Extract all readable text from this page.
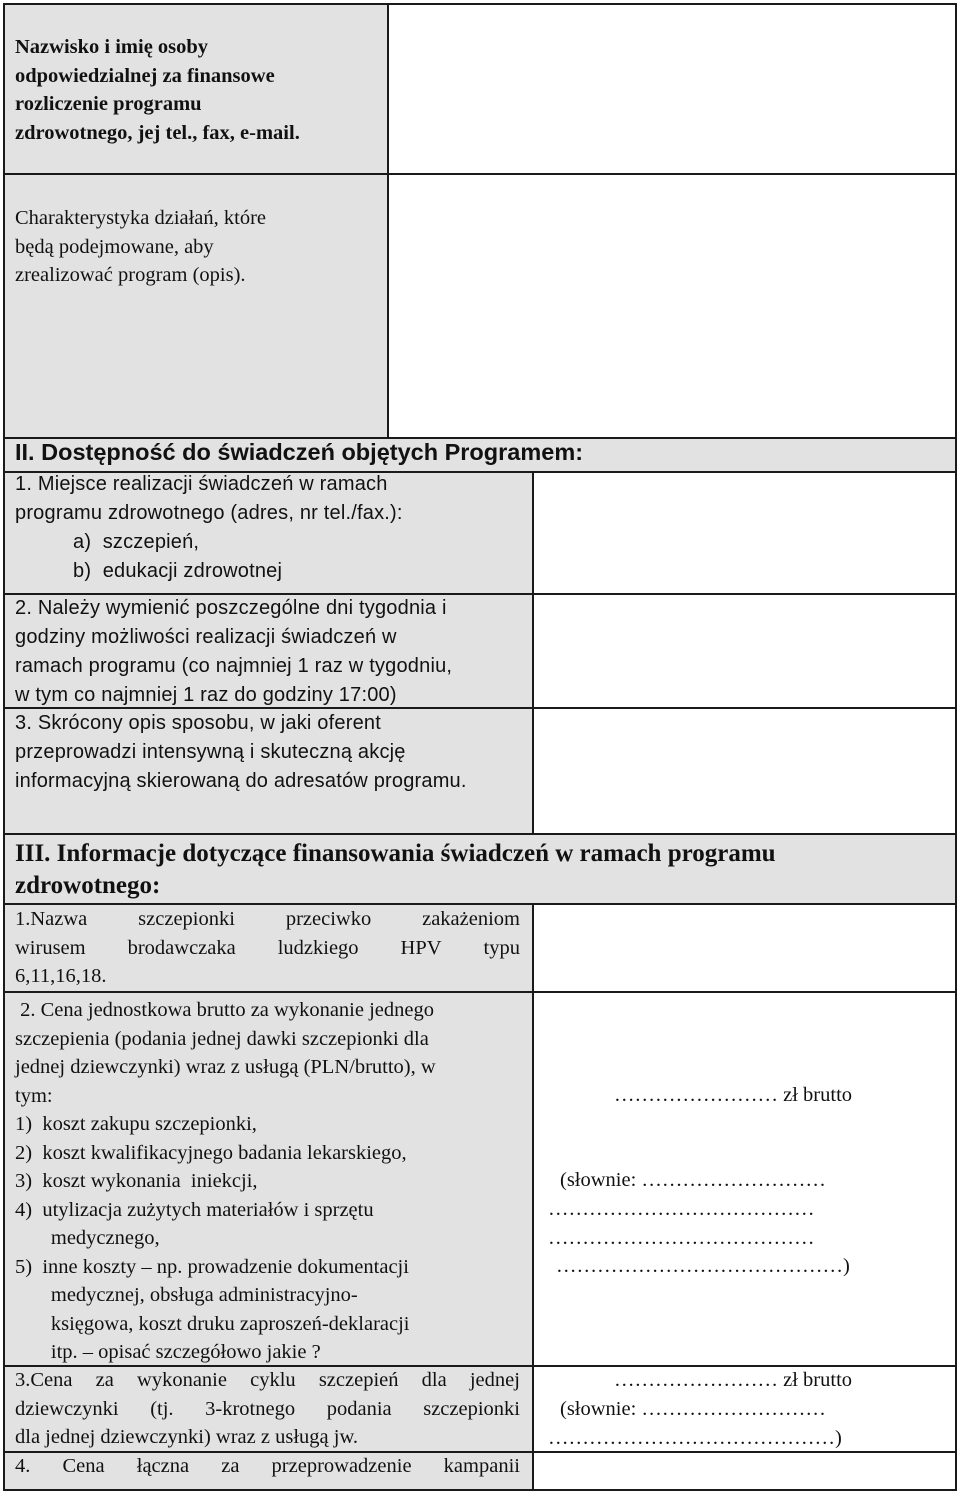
Nazwisko i imię osoby
odpowiedzialnej za finansowe
rozliczenie programu
zdrowotnego, jej tel., fax, e-mail.
Charakterystyka działań, które
będą podejmowane, aby
zrealizować program (opis).
II. Dostępność do świadczeń objętych Programem:
1. Miejsce realizacji świadczeń w ramach
programu zdrowotnego (adres, nr tel./fax.):
a)  szczepień,
b)  edukacji zdrowotnej
2. Należy wymienić poszczególne dni tygodnia i
godziny możliwości realizacji świadczeń w
ramach programu (co najmniej 1 raz w tygodniu,
w tym co najmniej 1 raz do godziny 17:00)
3. Skrócony opis sposobu, w jaki oferent
przeprowadzi intensywną i skuteczną akcję
informacyjną skierowaną do adresatów programu.
III. Informacje dotyczące finansowania świadczeń w ramach programu
zdrowotnego:
1.Nazwa szczepionki przeciwko zakażeniom
wirusem brodawczaka ludzkiego HPV typu
6,11,16,18.
2. Cena jednostkowa brutto za wykonanie jednego
szczepienia (podania jednej dawki szczepionki dla
jednej dziewczynki) wraz z usługą (PLN/brutto), w
tym:
1)  koszt zakupu szczepionki,
2)  koszt kwalifikacyjnego badania lekarskiego,
3)  koszt wykonania  iniekcji,
4)  utylizacja zużytych materiałów i sprzętu
medycznego,
5)  inne koszty – np. prowadzenie dokumentacji
medycznej, obsługa administracyjno-
księgowa, koszt druku zaproszeń-deklaracji
itp. – opisać szczegółowo jakie ?
…………………… zł brutto
(słownie: ………………………
…………………………………
…………………………………
……………………………………)
3.Cena za wykonanie cyklu szczepień dla jednej
dziewczynki (tj. 3-krotnego podania szczepionki
dla jednej dziewczynki) wraz z usługą jw.
…………………… zł brutto
(słownie: ………………………
……………………………………)
4. Cena łączna za przeprowadzenie kampanii
